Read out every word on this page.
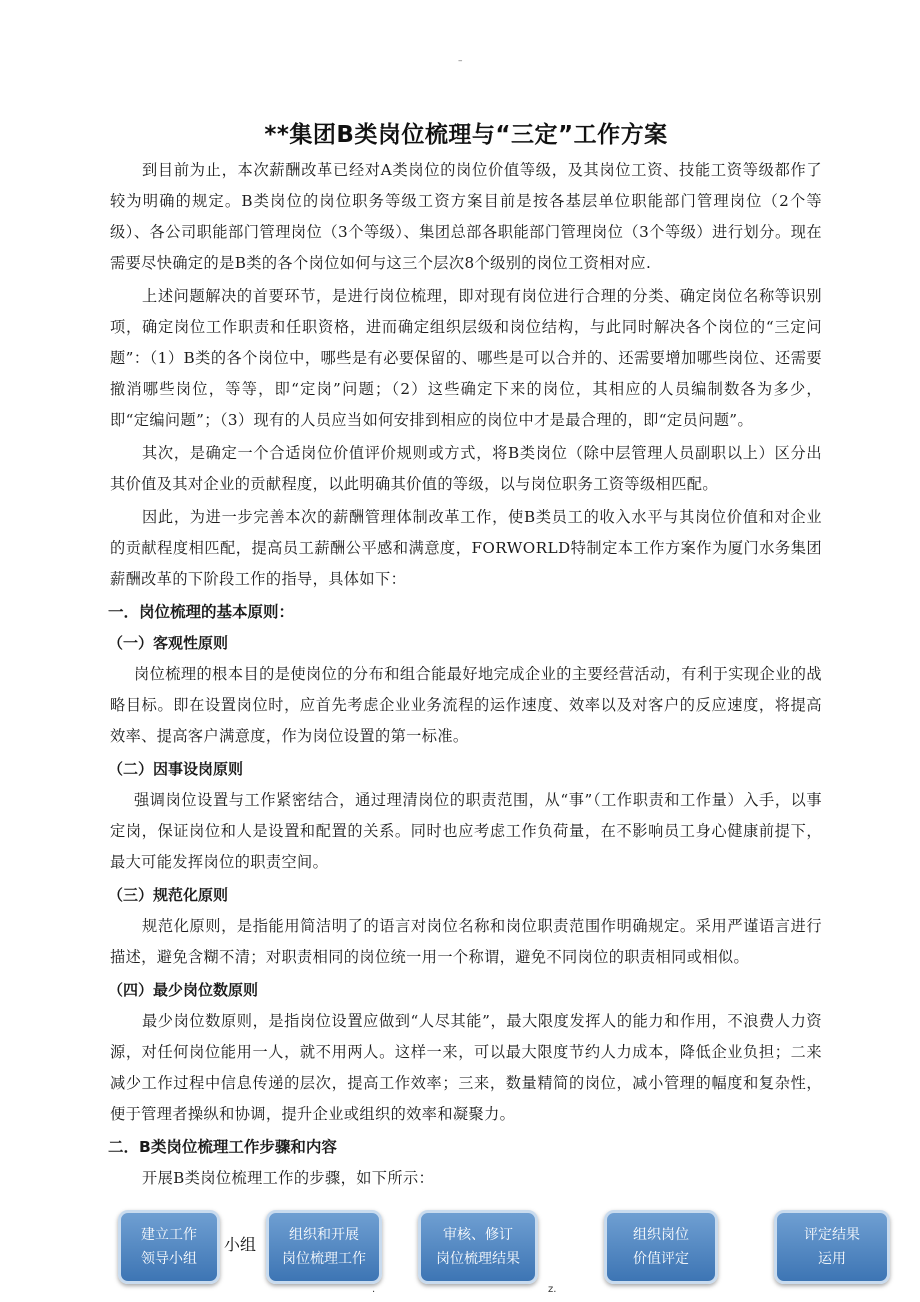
–
**集团B类岗位梳理与“三定”工作方案

到目前为止，本次薪酬改革已经对A类岗位的岗位价值等级，及其岗位工资、技能工资等级都作了较为明确的规定。B类岗位的岗位职务等级工资方案目前是按各基层单位职能部门管理岗位（2个等级）、各公司职能部门管理岗位（3个等级）、集团总部各职能部门管理岗位（3个等级）进行划分。现在需要尽快确定的是B类的各个岗位如何与这三个层次8个级别的岗位工资相对应.

上述问题解决的首要环节，是进行岗位梳理，即对现有岗位进行合理的分类、确定岗位名称等识别项，确定岗位工作职责和任职资格，进而确定组织层级和岗位结构，与此同时解决各个岗位的“三定问题”：（1）B类的各个岗位中，哪些是有必要保留的、哪些是可以合并的、还需要增加哪些岗位、还需要撤消哪些岗位，等等，即“定岗”问题；（2）这些确定下来的岗位，其相应的人员编制数各为多少，即“定编问题”；（3）现有的人员应当如何安排到相应的岗位中才是最合理的，即“定员问题”。

其次，是确定一个合适岗位价值评价规则或方式，将B类岗位（除中层管理人员副职以上）区分出其价值及其对企业的贡献程度，以此明确其价值的等级，以与岗位职务工资等级相匹配。

因此，为进一步完善本次的薪酬管理体制改革工作，使B类员工的收入水平与其岗位价值和对企业的贡献程度相匹配，提高员工薪酬公平感和满意度，FORWORLD特制定本工作方案作为厦门水务集团薪酬改革的下阶段工作的指导，具体如下：

一．岗位梳理的基本原则：
（一）客观性原则

岗位梳理的根本目的是使岗位的分布和组合能最好地完成企业的主要经营活动，有利于实现企业的战略目标。即在设置岗位时，应首先考虑企业业务流程的运作速度、效率以及对客户的反应速度，将提高效率、提高客户满意度，作为岗位设置的第一标准。

（二）因事设岗原则

强调岗位设置与工作紧密结合，通过理清岗位的职责范围，从“事”（工作职责和工作量）入手，以事定岗，保证岗位和人是设置和配置的关系。同时也应考虑工作负荷量，在不影响员工身心健康前提下，最大可能发挥岗位的职责空间。

（三）规范化原则

规范化原则，是指能用简洁明了的语言对岗位名称和岗位职责范围作明确规定。采用严谨语言进行描述，避免含糊不清；对职责相同的岗位统一用一个称谓，避免不同岗位的职责相同或相似。

（四）最少岗位数原则

最少岗位数原则，是指岗位设置应做到“人尽其能”，最大限度发挥人的能力和作用，不浪费人力资源，对任何岗位能用一人，就不用两人。这样一来，可以最大限度节约人力成本，降低企业负担；二来减少工作过程中信息传递的层次，提高工作效率；三来，数量精简的岗位，减小管理的幅度和复杂性，便于管理者操纵和协调，提升企业或组织的效率和凝聚力。

二．B类岗位梳理工作步骤和内容

开展B类岗位梳理工作的步骤，如下所示：

建立工作
领导小组
小组 组织和开展
岗位梳理工作
审核、修订
岗位梳理结果
组织岗位
价值评定
评定结果
运用
.	z.
